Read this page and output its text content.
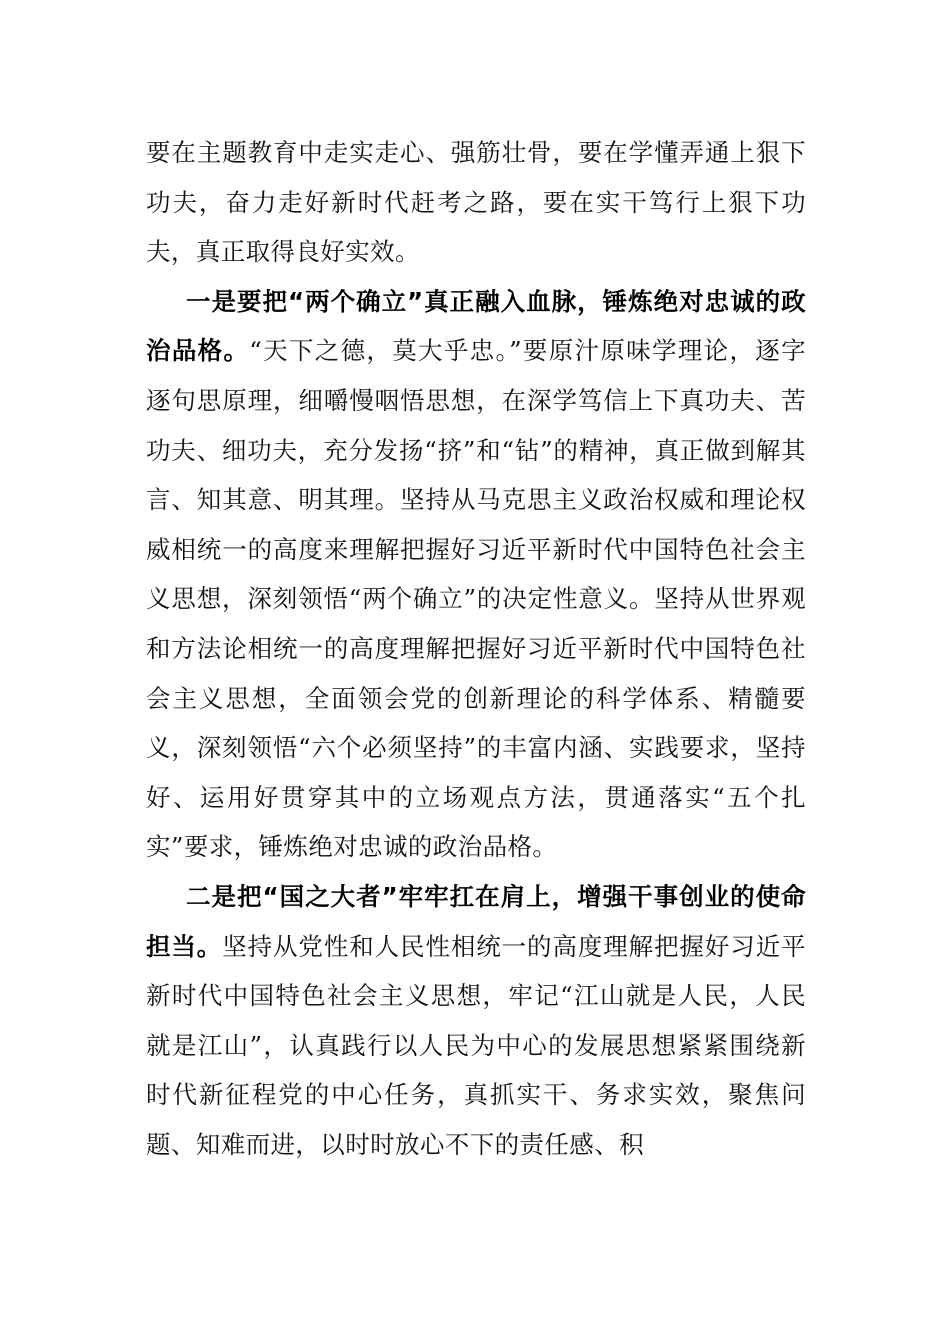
要在主题教育中走实走心、强筋壮骨，要在学懂弄通上狠下功夫，奋力走好新时代赶考之路，要在实干笃行上狠下功夫，真正取得良好实效。

一是要把“两个确立”真正融入血脉，锤炼绝对忠诚的政治品格。“天下之德，莫大乎忠。”要原汁原味学理论，逐字逐句思原理，细嚼慢咽悟思想，在深学笃信上下真功夫、苦功夫、细功夫，充分发扬“挤”和“钻”的精神，真正做到解其言、知其意、明其理。坚持从马克思主义政治权威和理论权威相统一的高度来理解把握好习近平新时代中国特色社会主义思想，深刻领悟“两个确立”的决定性意义。坚持从世界观和方法论相统一的高度理解把握好习近平新时代中国特色社会主义思想，全面领会党的创新理论的科学体系、精髓要义，深刻领悟“六个必须坚持”的丰富内涵、实践要求，坚持好、运用好贯穿其中的立场观点方法，贯通落实“五个扎实”要求，锤炼绝对忠诚的政治品格。

二是把“国之大者”牢牢扛在肩上，增强干事创业的使命担当。坚持从党性和人民性相统一的高度理解把握好习近平新时代中国特色社会主义思想，牢记“江山就是人民，人民就是江山”，认真践行以人民为中心的发展思想紧紧围绕新时代新征程党的中心任务，真抓实干、务求实效，聚焦问题、知难而进，以时时放心不下的责任感、积
